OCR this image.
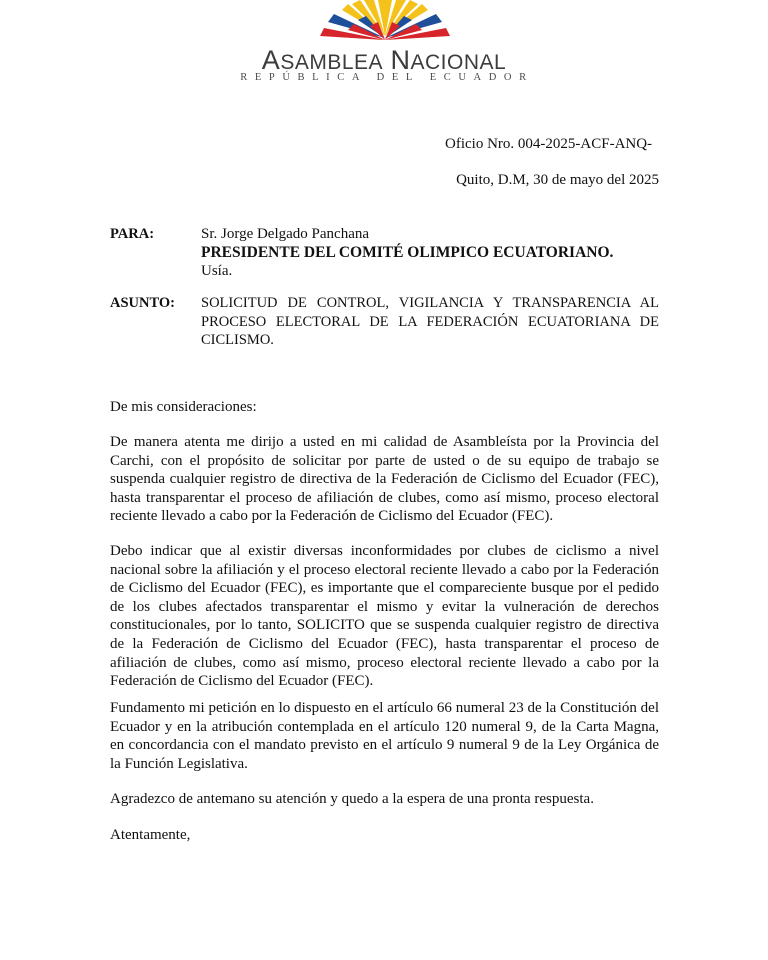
ASAMBLEA NACIONAL
REPÚBLICA DEL ECUADOR
Oficio Nro. 004-2025-ACF-ANQ-
Quito, D.M, 30 de mayo del 2025
PARA:	Sr. Jorge Delgado Panchana
PRESIDENTE DEL COMITÉ OLIMPICO ECUATORIANO.
Usía.
ASUNTO: SOLICITUD DE CONTROL, VIGILANCIA Y TRANSPARENCIA AL PROCESO ELECTORAL DE LA FEDERACIÓN ECUATORIANA DE CICLISMO.
De mis consideraciones:
De manera atenta me dirijo a usted en mi calidad de Asambleísta por la Provincia del Carchi, con el propósito de solicitar por parte de usted o de su equipo de trabajo se suspenda cualquier registro de directiva de la Federación de Ciclismo del Ecuador (FEC), hasta transparentar el proceso de afiliación de clubes, como así mismo, proceso electoral reciente llevado a cabo por la Federación de Ciclismo del Ecuador (FEC).
Debo indicar que al existir diversas inconformidades por clubes de ciclismo a nivel nacional sobre la afiliación y el proceso electoral reciente llevado a cabo por la Federación de Ciclismo del Ecuador (FEC), es importante que el compareciente busque por el pedido de los clubes afectados transparentar el mismo y evitar la vulneración de derechos constitucionales, por lo tanto, SOLICITO que se suspenda cualquier registro de directiva de la Federación de Ciclismo del Ecuador (FEC), hasta transparentar el proceso de afiliación de clubes, como así mismo, proceso electoral reciente llevado a cabo por la Federación de Ciclismo del Ecuador (FEC).
Fundamento mi petición en lo dispuesto en el artículo 66 numeral 23 de la Constitución del Ecuador y en la atribución contemplada en el artículo 120 numeral 9, de la Carta Magna, en concordancia con el mandato previsto en el artículo 9 numeral 9 de la Ley Orgánica de la Función Legislativa.
Agradezco de antemano su atención y quedo a la espera de una pronta respuesta.
Atentamente,
